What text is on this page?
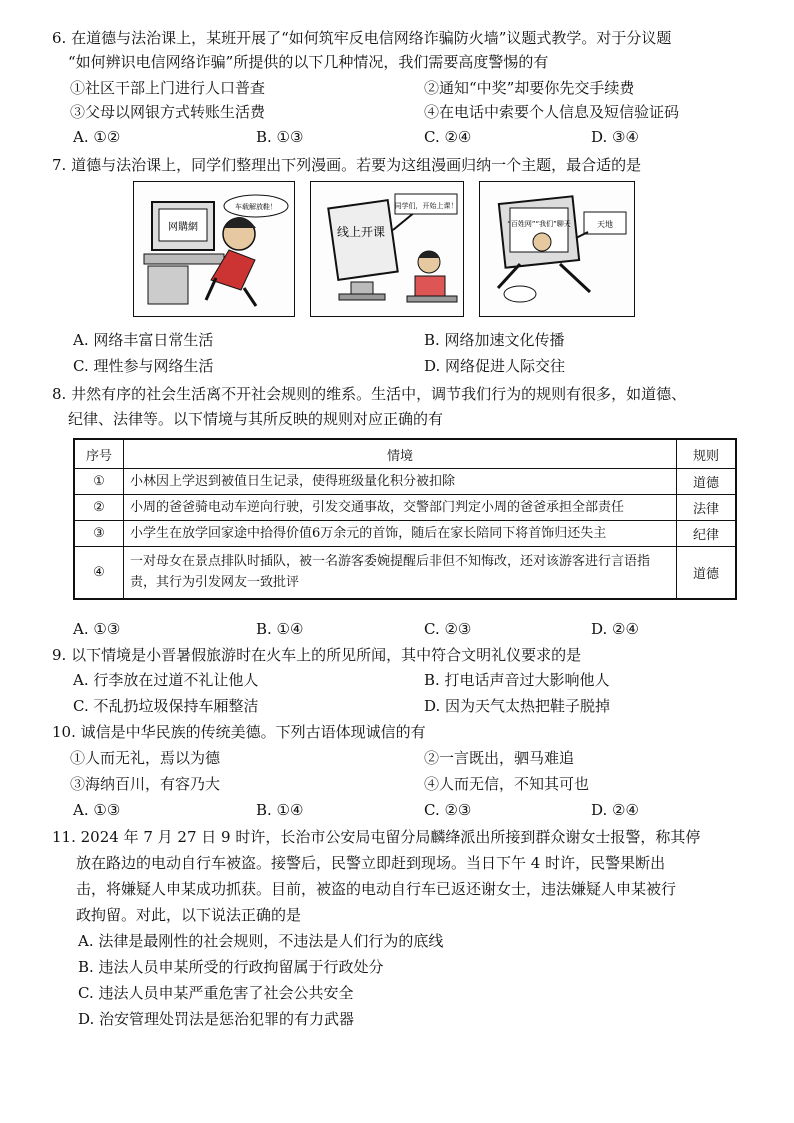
6. 在道德与法治课上，某班开展了“如何筑牢反电信网络诈骗防火墙”议题式教学。对于分议题
“如何辨识电信网络诈骗”所提供的以下几种情况，我们需要高度警惕的有
①社区干部上门进行人口普查	②通知“中奖”却要你先交手续费
③父母以网银方式转账生活费	④在电话中索要个人信息及短信验证码
A. ①②	B. ①③	C. ②④	D. ③④
7. 道德与法治课上，同学们整理出下列漫画。若要为这组漫画归纳一个主题，最合适的是
网購網
车载解放鞋！
线上开课
同学们，开始上课！
“百姓网”“我们”聊天	天地
A. 网络丰富日常生活	B. 网络加速文化传播
C. 理性参与网络生活	D. 网络促进人际交往
8. 井然有序的社会生活离不开社会规则的维系。生活中，调节我们行为的规则有很多，如道德、
纪律、法律等。以下情境与其所反映的规则对应正确的有
序号	情境	规则
①	小林因上学迟到被值日生记录，使得班级量化积分被扣除	道德
②	小周的爸爸骑电动车逆向行驶，引发交通事故，交警部门判定小周的爸爸承担全部责任	法律
③	小学生在放学回家途中拾得价值6万余元的首饰，随后在家长陪同下将首饰归还失主	纪律
④	一对母女在景点排队时插队，被一名游客委婉提醒后非但不知悔改，还对该游客进行言语指责，其行为引发网友一致批评	道德
A. ①③	B. ①④	C. ②③	D. ②④
9. 以下情境是小晋暑假旅游时在火车上的所见所闻，其中符合文明礼仪要求的是
A. 行李放在过道不礼让他人	B. 打电话声音过大影响他人
C. 不乱扔垃圾保持车厢整洁	D. 因为天气太热把鞋子脱掉
10. 诚信是中华民族的传统美德。下列古语体现诚信的有
①人而无礼，焉以为德	②一言既出，驷马难追
③海纳百川，有容乃大	④人而无信，不知其可也
A. ①③	B. ①④	C. ②③	D. ②④
11. 2024 年 7 月 27 日 9 时许，长治市公安局屯留分局麟绛派出所接到群众谢女士报警，称其停
放在路边的电动自行车被盗。接警后，民警立即赶到现场。当日下午 4 时许，民警果断出
击，将嫌疑人申某成功抓获。目前，被盗的电动自行车已返还谢女士，违法嫌疑人申某被行
政拘留。对此，以下说法正确的是
A. 法律是最刚性的社会规则，不违法是人们行为的底线
B. 违法人员申某所受的行政拘留属于行政处分
C. 违法人员申某严重危害了社会公共安全
D. 治安管理处罚法是惩治犯罪的有力武器
